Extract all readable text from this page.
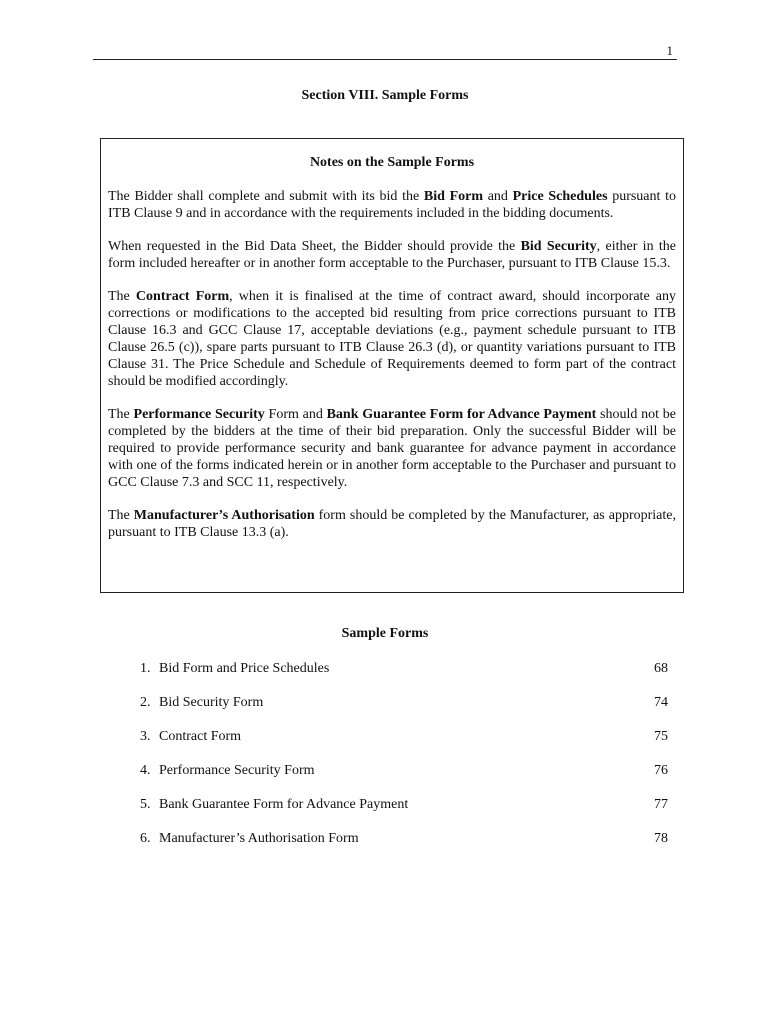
1
Section VIII. Sample Forms
Notes on the Sample Forms

The Bidder shall complete and submit with its bid the Bid Form and Price Schedules pursuant to ITB Clause 9 and in accordance with the requirements included in the bidding documents.

When requested in the Bid Data Sheet, the Bidder should provide the Bid Security, either in the form included hereafter or in another form acceptable to the Purchaser, pursuant to ITB Clause 15.3.

The Contract Form, when it is finalised at the time of contract award, should incorporate any corrections or modifications to the accepted bid resulting from price corrections pursuant to ITB Clause 16.3 and GCC Clause 17, acceptable deviations (e.g., payment schedule pursuant to ITB Clause 26.5 (c)), spare parts pursuant to ITB Clause 26.3 (d), or quantity variations pursuant to ITB Clause 31. The Price Schedule and Schedule of Requirements deemed to form part of the contract should be modified accordingly.

The Performance Security Form and Bank Guarantee Form for Advance Payment should not be completed by the bidders at the time of their bid preparation. Only the successful Bidder will be required to provide performance security and bank guarantee for advance payment in accordance with one of the forms indicated herein or in another form acceptable to the Purchaser and pursuant to GCC Clause 7.3 and SCC 11, respectively.

The Manufacturer’s Authorisation form should be completed by the Manufacturer, as appropriate, pursuant to ITB Clause 13.3 (a).

Sample Forms
1. Bid Form and Price Schedules	68
2. Bid Security Form	74
3. Contract Form	75
4. Performance Security Form	76
5. Bank Guarantee Form for Advance Payment	77
6. Manufacturer’s Authorisation Form	78
